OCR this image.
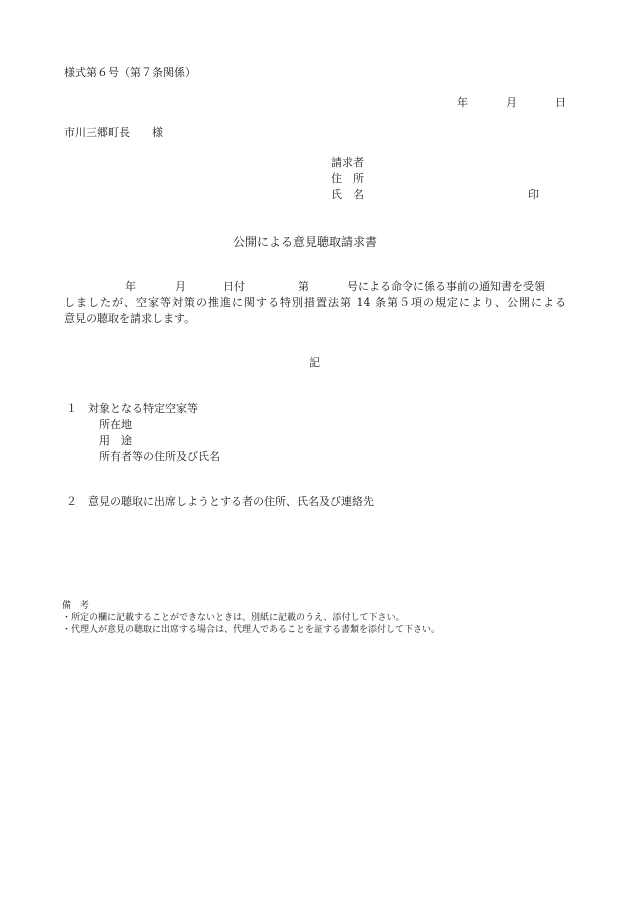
様式第６号（第７条関係）
年	月	日
市川三郷町長　　様
請求者
住　所
氏　名	印
公開による意見聴取請求書
年	月	日付	第	号による命令に係る事前の通知書を受領
しましたが、空家等対策の推進に関する特別措置法第 14 条第５項の規定により、公開による
意見の聴取を請求します。
記
１　対象となる特定空家等
所在地
用　途
所有者等の住所及び氏名
２　意見の聴取に出席しようとする者の住所、氏名及び連絡先
備　考
・所定の欄に記載することができないときは、別紙に記載のうえ、添付して下さい。
・代理人が意見の聴取に出席する場合は、代理人であることを証する書類を添付して下さい。
